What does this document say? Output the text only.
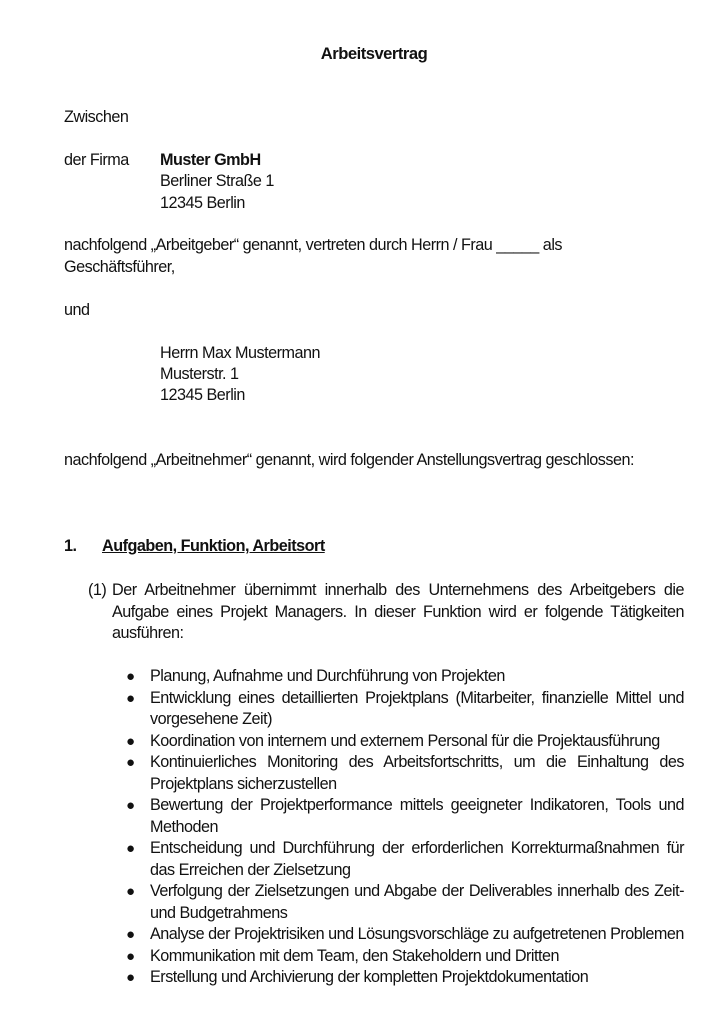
Arbeitsvertrag
Zwischen
der Firma Muster GmbH
Berliner Straße 1
12345 Berlin
nachfolgend „Arbeitgeber“ genannt, vertreten durch Herrn / Frau _____ als
Geschäftsführer,
und
Herrn Max Mustermann
Musterstr. 1
12345 Berlin
nachfolgend „Arbeitnehmer“ genannt, wird folgender Anstellungsvertrag geschlossen:
1. Aufgaben, Funktion, Arbeitsort
(1) Der Arbeitnehmer übernimmt innerhalb des Unternehmens des Arbeitgebers die Aufgabe eines Projekt Managers. In dieser Funktion wird er folgende Tätigkeiten ausführen:
● Planung, Aufnahme und Durchführung von Projekten
● Entwicklung eines detaillierten Projektplans (Mitarbeiter, finanzielle Mittel und vorgesehene Zeit)
● Koordination von internem und externem Personal für die Projektausführung
● Kontinuierliches Monitoring des Arbeitsfortschritts, um die Einhaltung des Projektplans sicherzustellen
● Bewertung der Projektperformance mittels geeigneter Indikatoren, Tools und Methoden
● Entscheidung und Durchführung der erforderlichen Korrekturmaßnahmen für das Erreichen der Zielsetzung
● Verfolgung der Zielsetzungen und Abgabe der Deliverables innerhalb des Zeit- und Budgetrahmens
● Analyse der Projektrisiken und Lösungsvorschläge zu aufgetretenen Problemen
● Kommunikation mit dem Team, den Stakeholdern und Dritten
● Erstellung und Archivierung der kompletten Projektdokumentation
